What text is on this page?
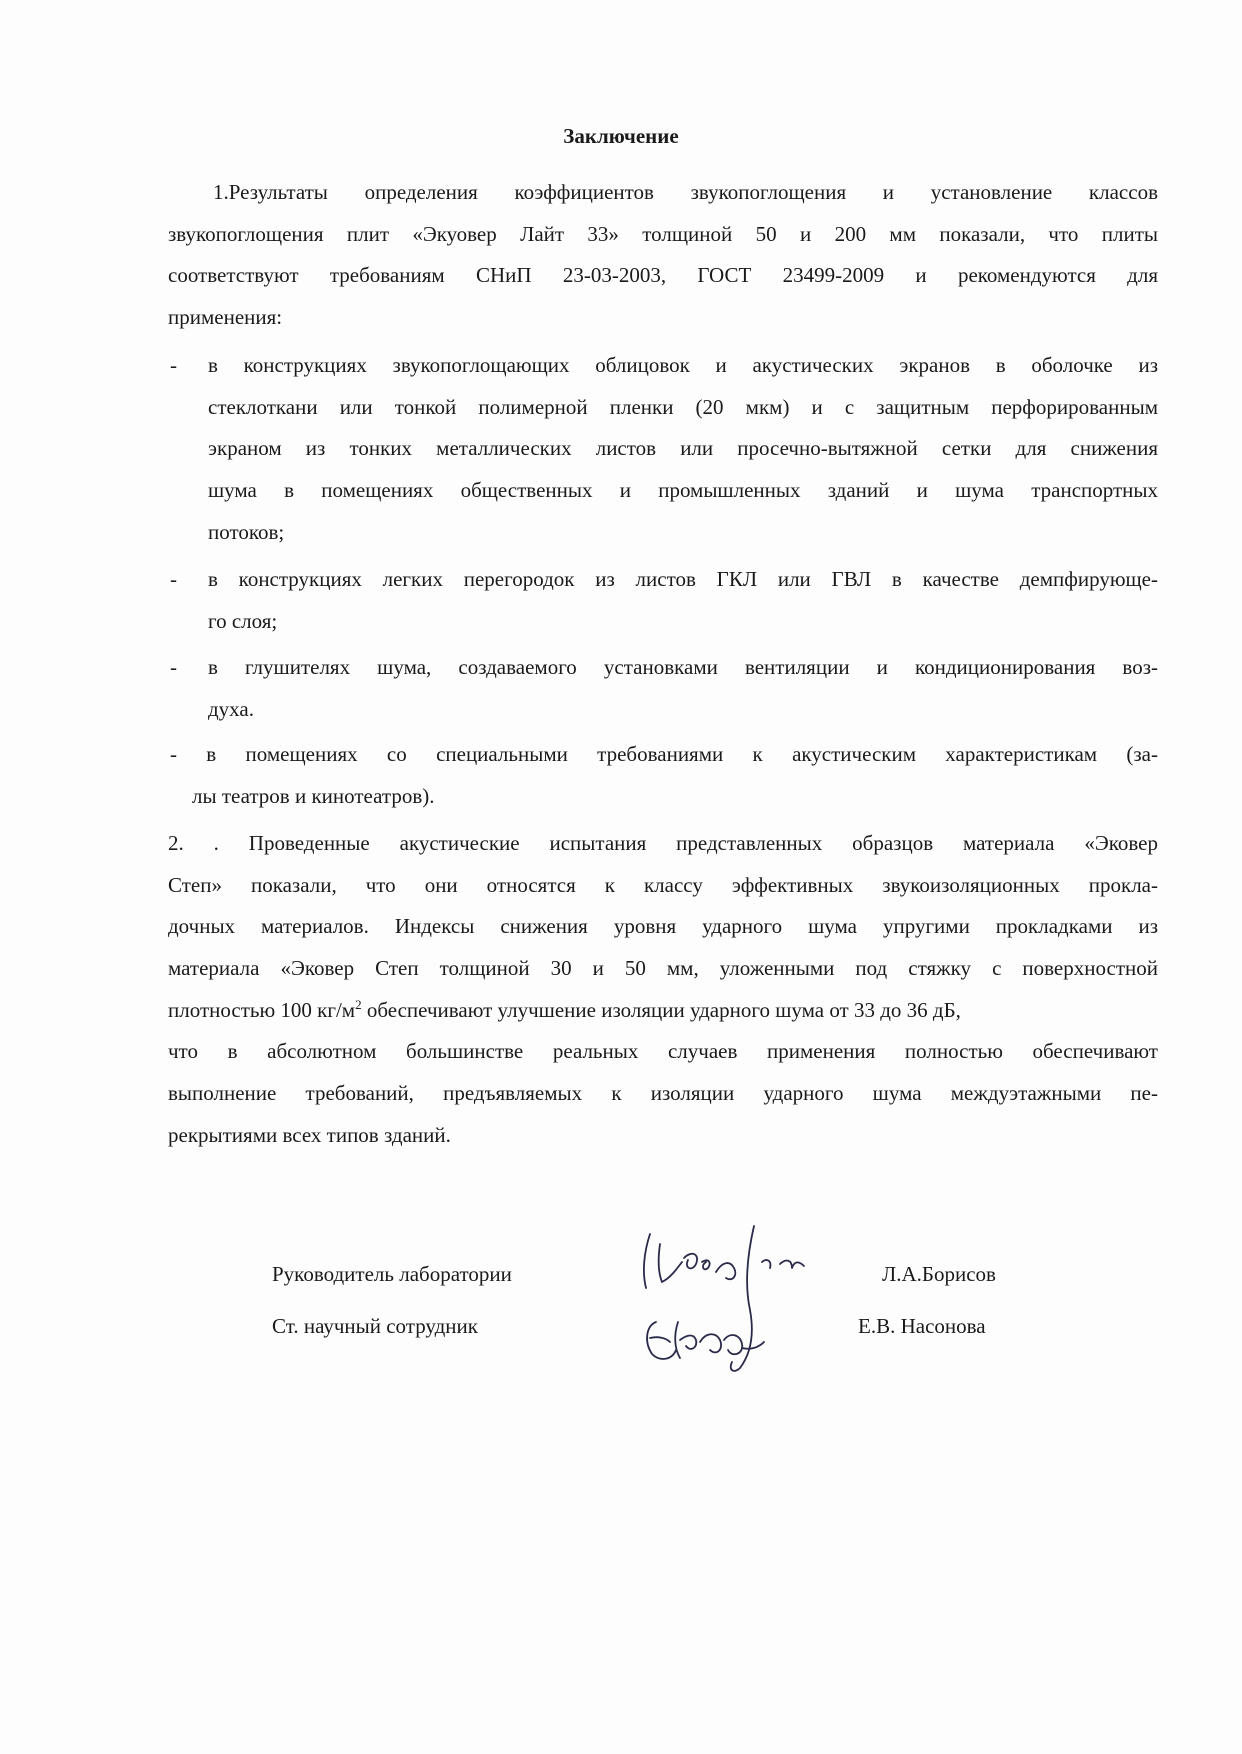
Заключение
1.Результаты определения коэффициентов звукопоглощения и установление классов
звукопоглощения плит «Экуовер Лайт 33» толщиной 50 и 200 мм показали, что плиты
соответствуют требованиям СНиП 23-03-2003, ГОСТ 23499-2009 и рекомендуются для
применения:
- в конструкциях звукопоглощающих облицовок и акустических экранов в оболочке из
стеклоткани или тонкой полимерной пленки (20 мкм) и с защитным перфорированным
экраном из тонких металлических листов или просечно-вытяжной сетки для снижения
шума в помещениях общественных и промышленных зданий и шума транспортных
потоков;
- в конструкциях легких перегородок из листов ГКЛ или ГВЛ в качестве демпфирующе-
го слоя;
- в глушителях шума, создаваемого установками вентиляции и кондиционирования воз-
духа.
- в помещениях со специальными требованиями к акустическим характеристикам (за-
лы театров и кинотеатров).
2. . Проведенные акустические испытания представленных образцов материала «Эковер
Степ» показали, что они относятся к классу эффективных звукоизоляционных прокла-
дочных материалов. Индексы снижения уровня ударного шума упругими прокладками из
материала «Эковер Степ толщиной 30 и 50 мм, уложенными под стяжку с поверхностной
плотностью 100 $кг/м^2$ обеспечивают улучшение изоляции ударного шума от 33 до 36 дБ,
что в абсолютном большинстве реальных случаев применения полностью обеспечивают
выполнение требований, предъявляемых к изоляции ударного шума междуэтажными пе-
рекрытиями всех типов зданий.
Руководитель лаборатории	Л.А.Борисов
Ст. научный сотрудник	Е.В. Насонова
